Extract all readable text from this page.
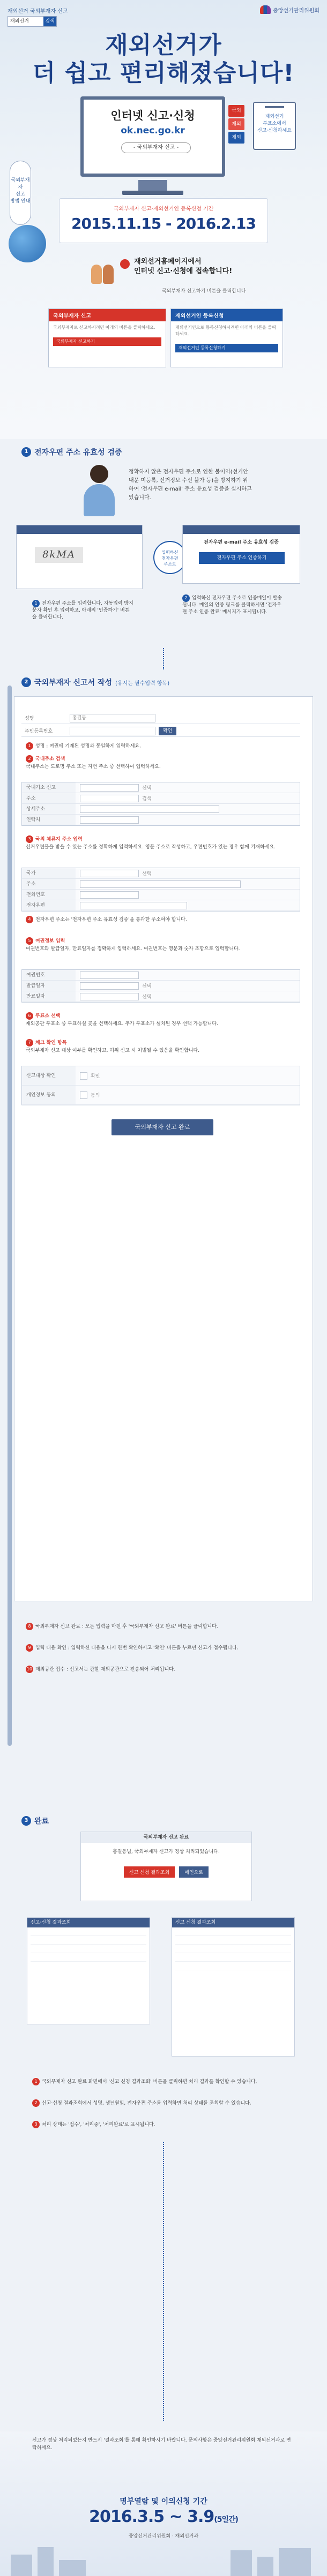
재외선거 국외부재자 신고	중앙선거관리위원회
재외선거	검색
재외선거가
더 쉽고 편리해졌습니다!
국외부재자
신고
방법 안내
인터넷 신고·신청
ok.nec.go.kr
- 국외부재자 신고 -
국외
재외
재외
재외선거
투표소에서
신고·신청하세요
국외부재자 신고·재외선거인 등록신청 기간
2015.11.15 - 2016.2.13
재외선거홈페이지에서
인터넷 신고·신청에 접속합니다!
국외부재자 신고하기 버튼을 클릭합니다
국외부재자 신고
국외부재자로 신고하시려면 아래의 버튼을 클릭하세요.
국외부재자 신고하기
재외선거인 등록신청
재외선거인으로 등록신청하시려면 아래의 버튼을 클릭하세요.
재외선거인 등록신청하기
1 전자우편 주소 유효성 검증
정확하지 않은 전자우편 주소로 인한 불이익(선거안내문 미등록, 선거정보 수신 불가 등)을 방지하기 위하여 '전자우편 e-mail' 주소 유효성 검증을 실시하고 있습니다.
8kMA	입력하신
전자우편
주소로
전자우편 e-mail 주소 유효성 검증
전자우편 주소 인증하기
1 전자우편 주소를 입력합니다. 자동입력 방지 문자 확인 후 입력하고, 아래의 '인증하기' 버튼을 클릭합니다.
2 입력하신 전자우편 주소로 인증메일이 발송됩니다. 메일의 인증 링크를 클릭하시면 '전자우편 주소 인증 완료' 메시지가 표시됩니다.
2 국외부재자 신고서 작성 (유시는 필수입력 항목)
성명	홍길동
주민등록번호	확인
1 성명 : 여권에 기재된 성명과 동일하게 입력하세요.
2 국내주소 검색
국내주소는 도로명 주소 또는 지번 주소 중 선택하여 입력하세요.
국내거소 신고	선택
주소	검색
상세주소
연락처
3 국외 체류지 주소 입력
선거우편물을 받을 수 있는 주소를 정확하게 입력하세요. 영문 주소로 작성하고, 우편번호가 있는 경우 함께 기재하세요.
국가	선택
주소
전화번호
전자우편
4 전자우편 주소는 '전자우편 주소 유효성 검증'을 통과한 주소여야 합니다.
5 여권정보 입력
여권번호와 발급일자, 만료일자를 정확하게 입력하세요. 여권번호는 영문과 숫자 조합으로 입력합니다.
여권번호
발급일자	선택
만료일자	선택
6 투표소 선택
재외공관 투표소 중 투표하실 곳을 선택하세요. 추가 투표소가 설치된 경우 선택 가능합니다.
7 체크 확인 항목
국외부재자 신고 대상 여부를 확인하고, 허위 신고 시 처벌될 수 있음을 확인합니다.
신고대상 확인	확인
개인정보 동의	동의
국외부재자 신고 완료
8 국외부재자 신고 완료 : 모든 입력을 마친 후 '국외부재자 신고 완료' 버튼을 클릭합니다.
9 입력 내용 확인 : 입력하신 내용을 다시 한번 확인하시고 '확인' 버튼을 누르면 신고가 접수됩니다.
10 재외공관 접수 : 신고서는 관할 재외공관으로 전송되어 처리됩니다.
3 완료
국외부재자 신고 완료
홍길동님, 국외부재자 신고가 정상 처리되었습니다.
신고 신청 결과조회	메인으로
신고·신청 결과조회	신고 신청 결과조회
1 국외부재자 신고 완료 화면에서 '신고 신청 결과조회' 버튼을 클릭하면 처리 결과를 확인할 수 있습니다.
2 신고·신청 결과조회에서 성명, 생년월일, 전자우편 주소를 입력하면 처리 상태를 조회할 수 있습니다.
3 처리 상태는 '접수', '처리중', '처리완료'로 표시됩니다.
신고가 정상 처리되었는지 반드시 '결과조회'를 통해 확인하시기 바랍니다. 문의사항은 중앙선거관리위원회 재외선거과로 연락하세요.
명부열람 및 이의신청 기간
2016.3.5 ~ 3.9(5일간)
중앙선거관리위원회 · 재외선거과
